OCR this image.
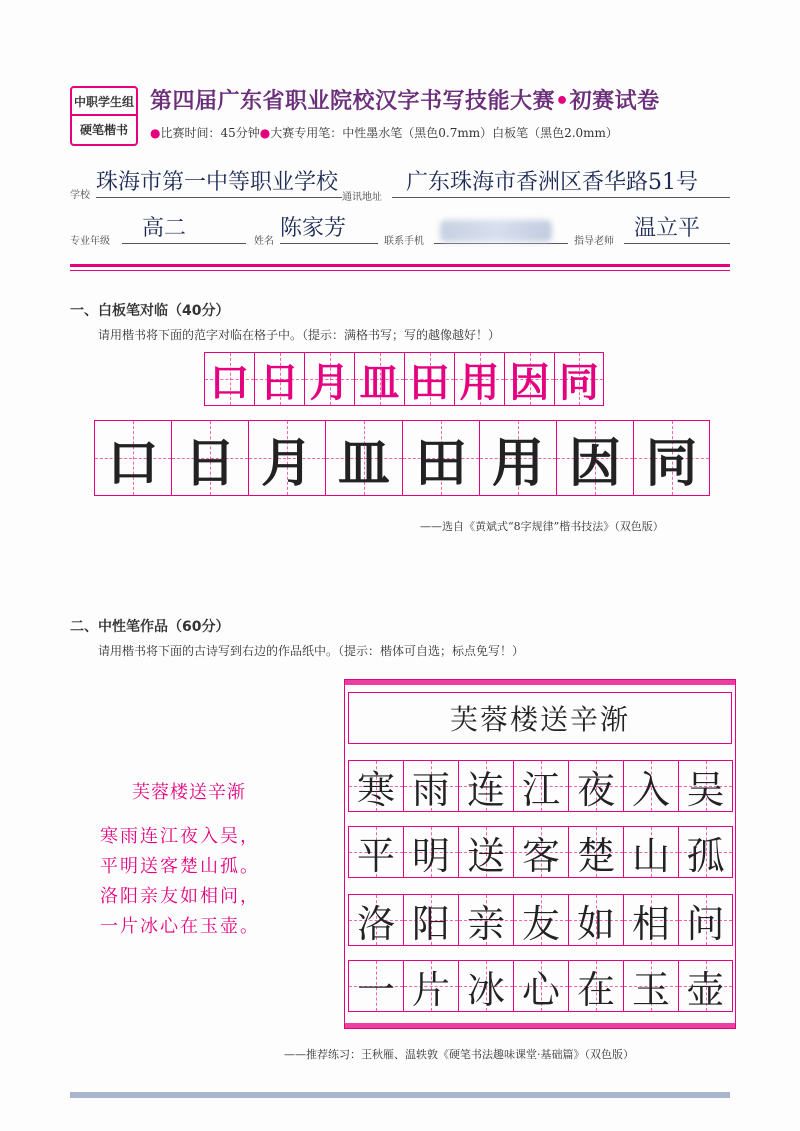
中职学生组
硬笔楷书
第四届广东省职业院校汉字书写技能大赛•初赛试卷
●比赛时间：45分钟●大赛专用笔：中性墨水笔（黑色0.7mm）白板笔（黑色2.0mm）
学校
珠海市第一中等职业学校
通讯地址
广东珠海市香洲区香华路51号
专业年级
高二
姓名
陈家芳
联系手机	指导老师
温立平
一、白板笔对临（40分）
请用楷书将下面的范字对临在格子中。（提示：满格书写；写的越像越好！）
口 日 月 皿 田 用 因 同
口 日 月 皿 田 用 因 同
——选自《黄斌式“8字规律”楷书技法》（双色版）
二、中性笔作品（60分）
请用楷书将下面的古诗写到右边的作品纸中。（提示：楷体可自选；标点免写！）
芙蓉楼送辛渐
寒雨连江夜入吴，
平明送客楚山孤。
洛阳亲友如相问，
一片冰心在玉壶。
芙蓉楼送辛渐
寒 雨 连 江 夜 入 吴
平 明 送 客 楚 山 孤
洛 阳 亲 友 如 相 问
一 片 冰 心 在 玉 壶
——推荐练习：王秋雁、温轶敦《硬笔书法趣味课堂·基础篇》（双色版）
